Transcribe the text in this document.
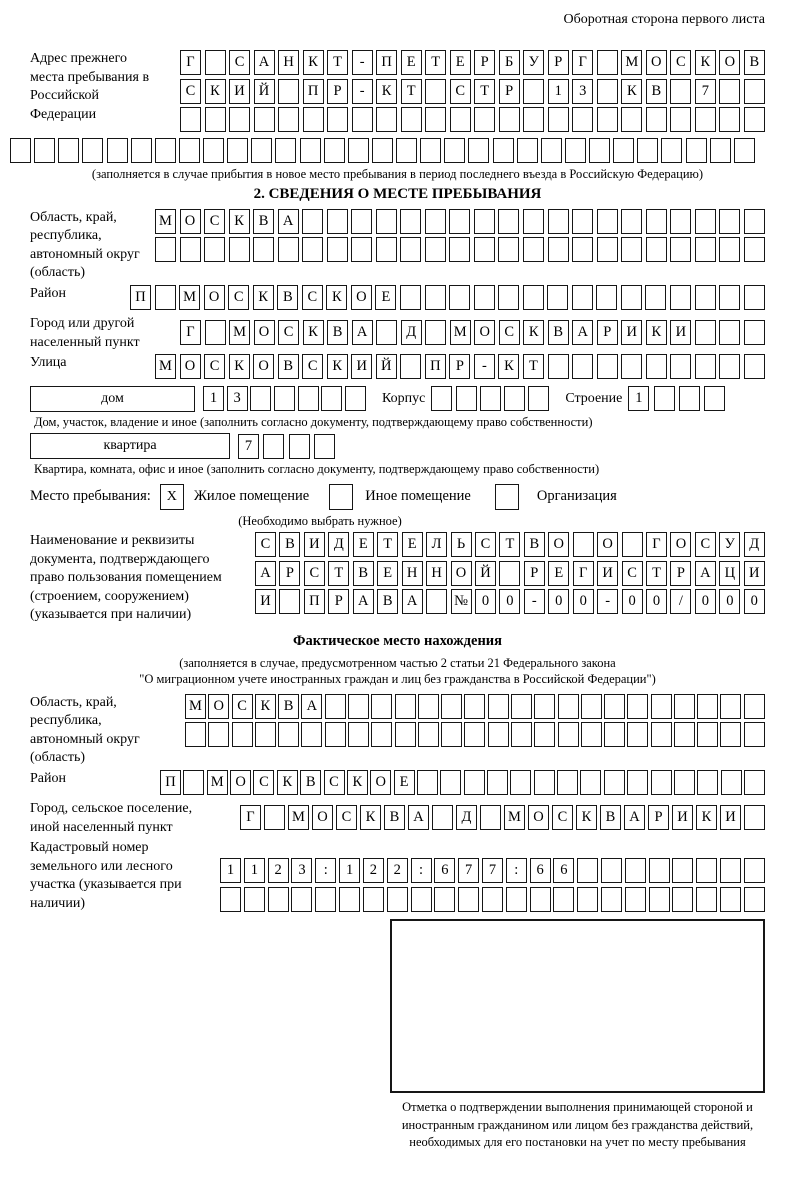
Оборотная сторона первого листа
Адрес прежнего места пребывания в Российской Федерации
Г	С А Н К	Т	-	П	Е	Т	Е	Р	Б	У	Р	Г	М О С	К О В
С	К И Й	П	Р	-	К	Т	С	Т	Р	1	3	К	В	7
(заполняется в случае прибытия в новое место пребывания в период последнего въезда в Российскую Федерацию)
2. СВЕДЕНИЯ О МЕСТЕ ПРЕБЫВАНИЯ
Область, край, республика, автономный округ (область)
М О С	К	В А
Район	П	М О С	К	В	С	К О	Е
Город или другой населенный пункт
Г	М О С	К	В А	Д	М О С	К	В А	Р	И К И
Улица	М О С	К О В	С	К И Й	П	Р	-	К	Т
дом	1	3	Корпус	Строение 1
Дом, участок, владение и иное (заполнить согласно документу, подтверждающему право собственности)
квартира	7
Квартира, комната, офис и иное (заполнить согласно документу, подтверждающему право собственности)
Место пребывания: X Жилое помещение	Иное помещение	Организация
(Необходимо выбрать нужное)
Наименование и реквизиты документа, подтверждающего право пользования помещением (строением, сооружением) (указывается при наличии)
С	В И Д	Е	Т	Е	Л	Ь	С	Т	В О	О	Г	О С У Д
А	Р	С	Т	В	Е	Н Н О Й	Р	Е	Г	И С	Т	Р	А Ц И
И	П	Р	А В А	№ 0	0	-	0	0	-	0	0	/	0	0	0
Фактическое место нахождения
(заполняется в случае, предусмотренном частью 2 статьи 21 Федерального закона
"О миграционном учете иностранных граждан и лиц без гражданства в Российской Федерации")
Область, край, республика, автономный округ (область)
М О С К В А
Район	П	М О С К В С К О Е
Город, сельское поселение, иной населенный пункт
Г	М О С К В А	Д	М О С К В А	Р	И К И
Кадастровый номер земельного или лесного участка (указывается при наличии)
1	1	2	3	:	1	2	2	:	6	7	7	:	6	6
Отметка о подтверждении выполнения принимающей стороной и иностранным гражданином или лицом без гражданства действий, необходимых для его постановки на учет по месту пребывания
